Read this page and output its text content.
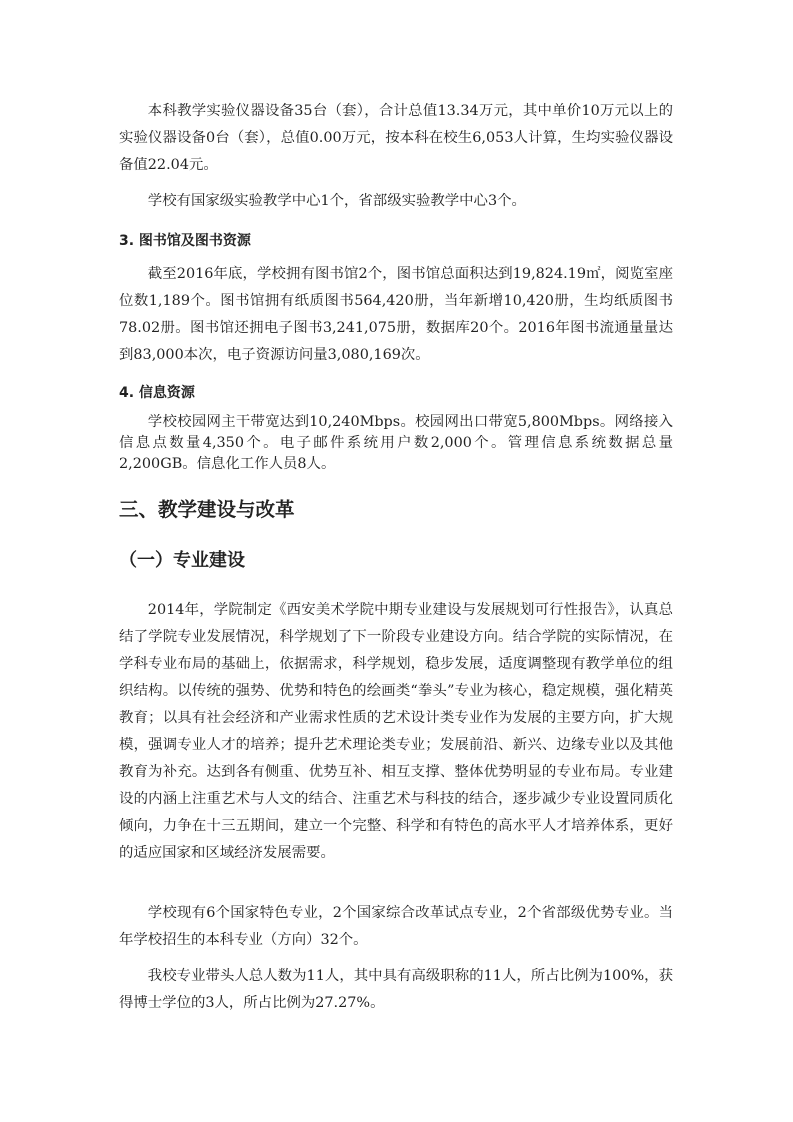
本科教学实验仪器设备35台（套），合计总值13.34万元，其中单价10万元以上的实验仪器设备0台（套），总值0.00万元，按本科在校生6,053人计算，生均实验仪器设备值22.04元。

学校有国家级实验教学中心1个，省部级实验教学中心3个。

3. 图书馆及图书资源

截至2016年底，学校拥有图书馆2个，图书馆总面积达到19,824.19㎡，阅览室座位数1,189个。图书馆拥有纸质图书564,420册，当年新增10,420册，生均纸质图书78.02册。图书馆还拥电子图书3,241,075册，数据库20个。2016年图书流通量量达到83,000本次，电子资源访问量3,080,169次。

4. 信息资源

学校校园网主干带宽达到10,240Mbps。校园网出口带宽5,800Mbps。网络接入信息点数量4,350个。电子邮件系统用户数2,000个。管理信息系统数据总量2,200GB。信息化工作人员8人。

三、教学建设与改革

（一）专业建设

2014年，学院制定《西安美术学院中期专业建设与发展规划可行性报告》，认真总结了学院专业发展情况，科学规划了下一阶段专业建设方向。结合学院的实际情况，在学科专业布局的基础上，依据需求，科学规划，稳步发展，适度调整现有教学单位的组织结构。以传统的强势、优势和特色的绘画类“拳头”专业为核心，稳定规模，强化精英教育；以具有社会经济和产业需求性质的艺术设计类专业作为发展的主要方向，扩大规模，强调专业人才的培养；提升艺术理论类专业；发展前沿、新兴、边缘专业以及其他教育为补充。达到各有侧重、优势互补、相互支撑、整体优势明显的专业布局。专业建设的内涵上注重艺术与人文的结合、注重艺术与科技的结合，逐步减少专业设置同质化倾向，力争在十三五期间，建立一个完整、科学和有特色的高水平人才培养体系，更好的适应国家和区域经济发展需要。

学校现有6个国家特色专业，2个国家综合改革试点专业，2个省部级优势专业。当年学校招生的本科专业（方向）32个。

我校专业带头人总人数为11人，其中具有高级职称的11人，所占比例为100%，获得博士学位的3人，所占比例为27.27%。
